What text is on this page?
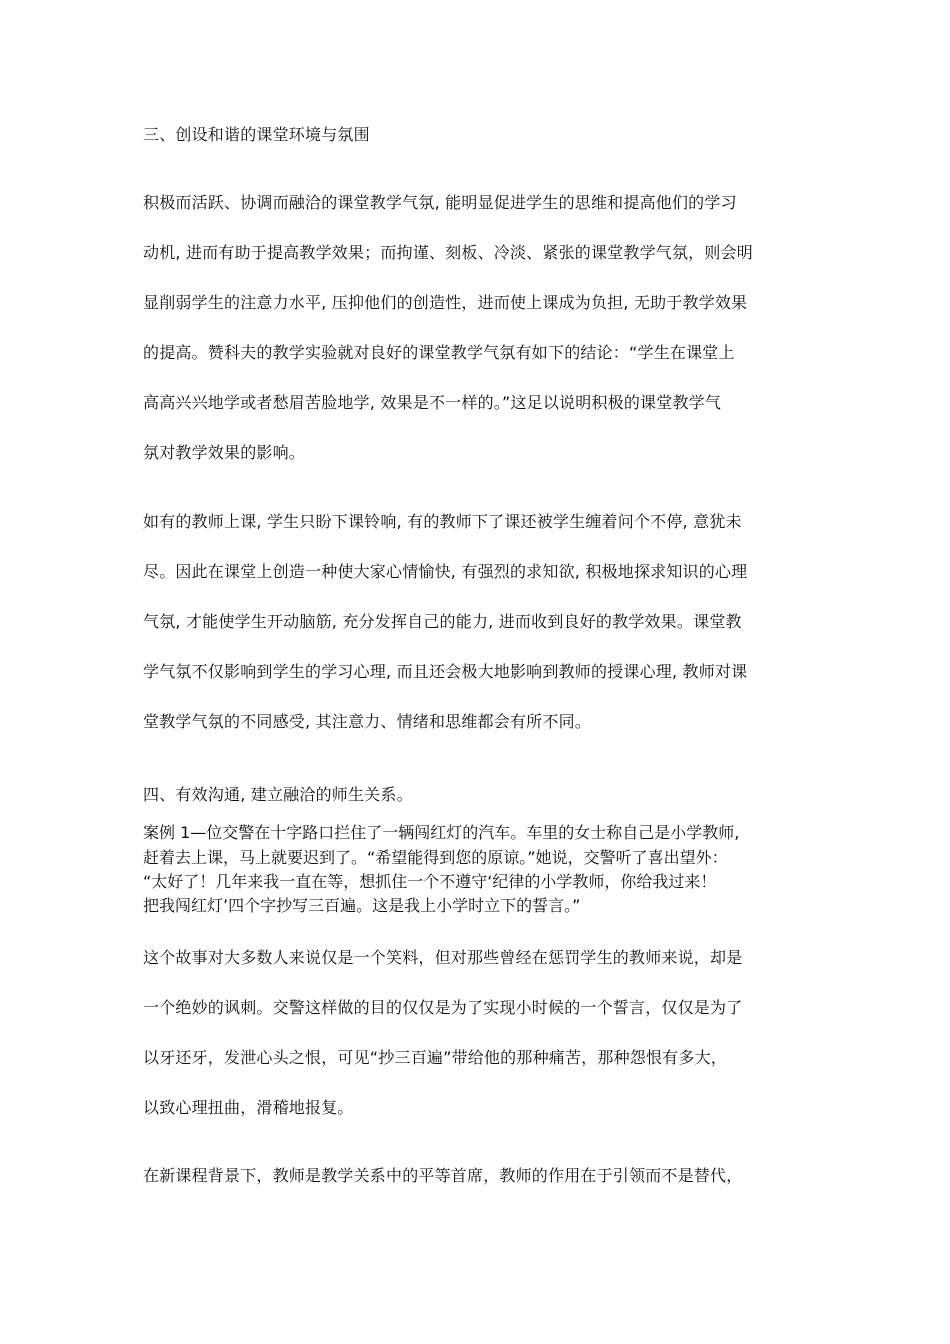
三、创设和谐的课堂环境与氛围
积极而活跃、协调而融洽的课堂教学气氛, 能明显促进学生的思维和提高他们的学习
动机, 进而有助于提高教学效果；而拘谨、刻板、冷淡、紧张的课堂教学气氛，则会明
显削弱学生的注意力水平, 压抑他们的创造性，进而使上课成为负担, 无助于教学效果
的提高。赞科夫的教学实验就对良好的课堂教学气氛有如下的结论：“学生在课堂上
高高兴兴地学或者愁眉苦脸地学, 效果是不一样的。”这足以说明积极的课堂教学气
氛对教学效果的影响。
如有的教师上课, 学生只盼下课铃响, 有的教师下了课还被学生缠着问个不停, 意犹未
尽。因此在课堂上创造一种使大家心情愉快, 有强烈的求知欲, 积极地探求知识的心理
气氛, 才能使学生开动脑筋, 充分发挥自己的能力, 进而收到良好的教学效果。课堂教
学气氛不仅影响到学生的学习心理, 而且还会极大地影响到教师的授课心理, 教师对课
堂教学气氛的不同感受, 其注意力、情绪和思维都会有所不同。
四、有效沟通, 建立融洽的师生关系。
案例 1—位交警在十字路口拦住了一辆闯红灯的汽车。车里的女士称自己是小学教师,
赶着去上课，马上就要迟到了。“希望能得到您的原谅。”她说，交警听了喜出望外：
“太好了！几年来我一直在等，想抓住一个不遵守‘纪律的小学教师，你给我过来！
把我闯红灯’四个字抄写三百遍。这是我上小学时立下的誓言。”
这个故事对大多数人来说仅是一个笑料，但对那些曾经在惩罚学生的教师来说，却是
一个绝妙的讽刺。交警这样做的目的仅仅是为了实现小时候的一个誓言，仅仅是为了
以牙还牙，发泄心头之恨，可见“抄三百遍”带给他的那种痛苦，那种怨恨有多大，
以致心理扭曲，滑稽地报复。
在新课程背景下，教师是教学关系中的平等首席，教师的作用在于引领而不是替代，
